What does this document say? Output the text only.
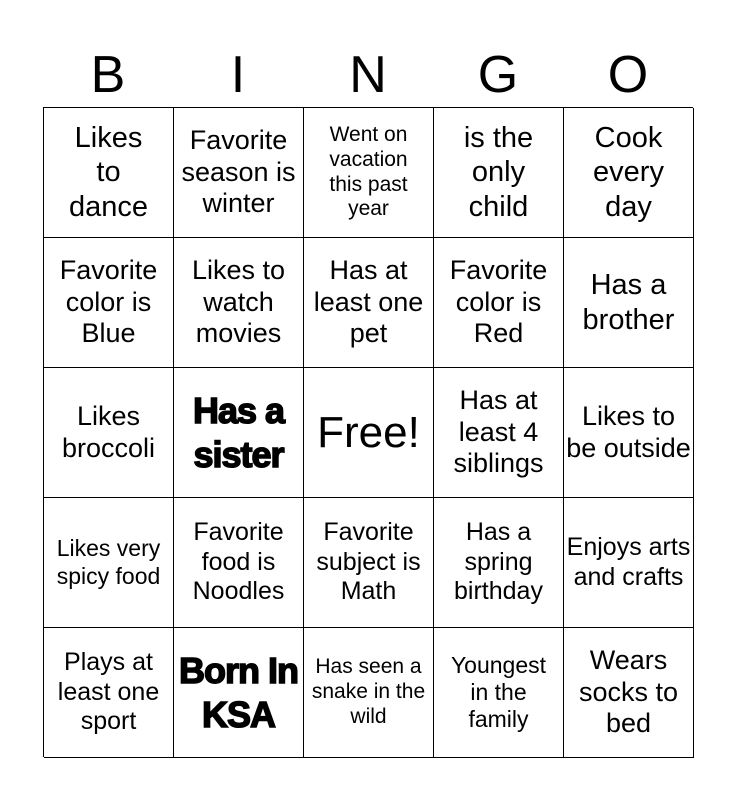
B	I	N	G	O
Likes to dance
Favorite season is winter
Went on vacation this past year
is the only child
Cook every day
Favorite color is Blue
Likes to watch movies
Has at least one pet
Favorite color is Red
Has a brother
Likes broccoli
Has a sister Free!
Has at least 4 siblings
Likes to be outside
Likes very spicy food
Favorite food is Noodles
Favorite subject is Math
Has a spring birthday
Enjoys arts and crafts
Plays at least one sport
Born In KSA
Has seen a snake in the wild
Youngest in the family
Wears socks to bed
